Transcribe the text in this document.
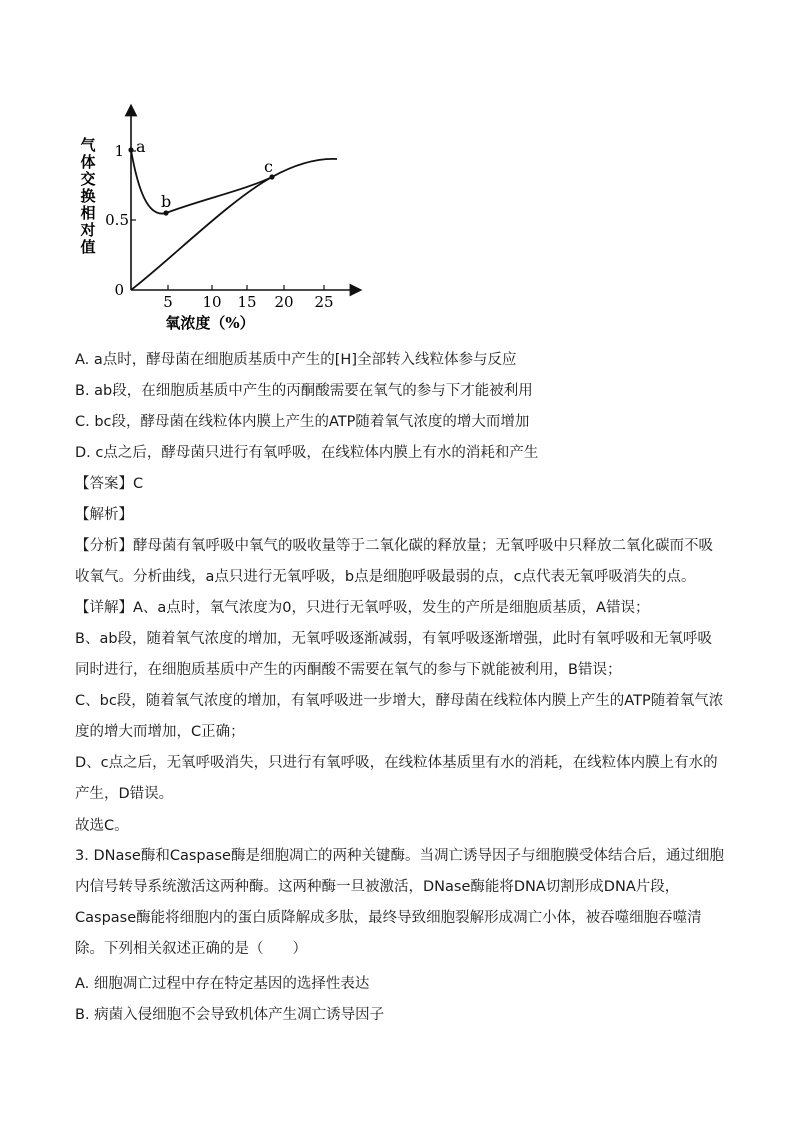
a
b
c
1
0.5
0
5 10 15 20 25
氧浓度（%）
气
体
交
换
相
对
值
A. a点时，酵母菌在细胞质基质中产生的[H]全部转入线粒体参与反应
B. ab段，在细胞质基质中产生的丙酮酸需要在氧气的参与下才能被利用
C. bc段，酵母菌在线粒体内膜上产生的ATP随着氧气浓度的增大而增加
D. c点之后，酵母菌只进行有氧呼吸，在线粒体内膜上有水的消耗和产生
【答案】C
【解析】
【分析】酵母菌有氧呼吸中氧气的吸收量等于二氧化碳的释放量；无氧呼吸中只释放二氧化碳而不吸收氧气。分析曲线，a点只进行无氧呼吸，b点是细胞呼吸最弱的点，c点代表无氧呼吸消失的点。
【详解】A、a点时，氧气浓度为0，只进行无氧呼吸，发生的产所是细胞质基质，A错误；
B、ab段，随着氧气浓度的增加，无氧呼吸逐渐减弱，有氧呼吸逐渐增强，此时有氧呼吸和无氧呼吸同时进行，在细胞质基质中产生的丙酮酸不需要在氧气的参与下就能被利用，B错误；
C、bc段，随着氧气浓度的增加，有氧呼吸进一步增大，酵母菌在线粒体内膜上产生的ATP随着氧气浓度的增大而增加，C正确；
D、c点之后，无氧呼吸消失，只进行有氧呼吸，在线粒体基质里有水的消耗，在线粒体内膜上有水的产生，D错误。
故选C。
3. DNase酶和Caspase酶是细胞凋亡的两种关键酶。当凋亡诱导因子与细胞膜受体结合后，通过细胞内信号转导系统激活这两种酶。这两种酶一旦被激活，DNase酶能将DNA切割形成DNA片段，Caspase酶能将细胞内的蛋白质降解成多肽，最终导致细胞裂解形成凋亡小体，被吞噬细胞吞噬清除。下列相关叙述正确的是（　　）
A. 细胞凋亡过程中存在特定基因的选择性表达
B. 病菌入侵细胞不会导致机体产生凋亡诱导因子
